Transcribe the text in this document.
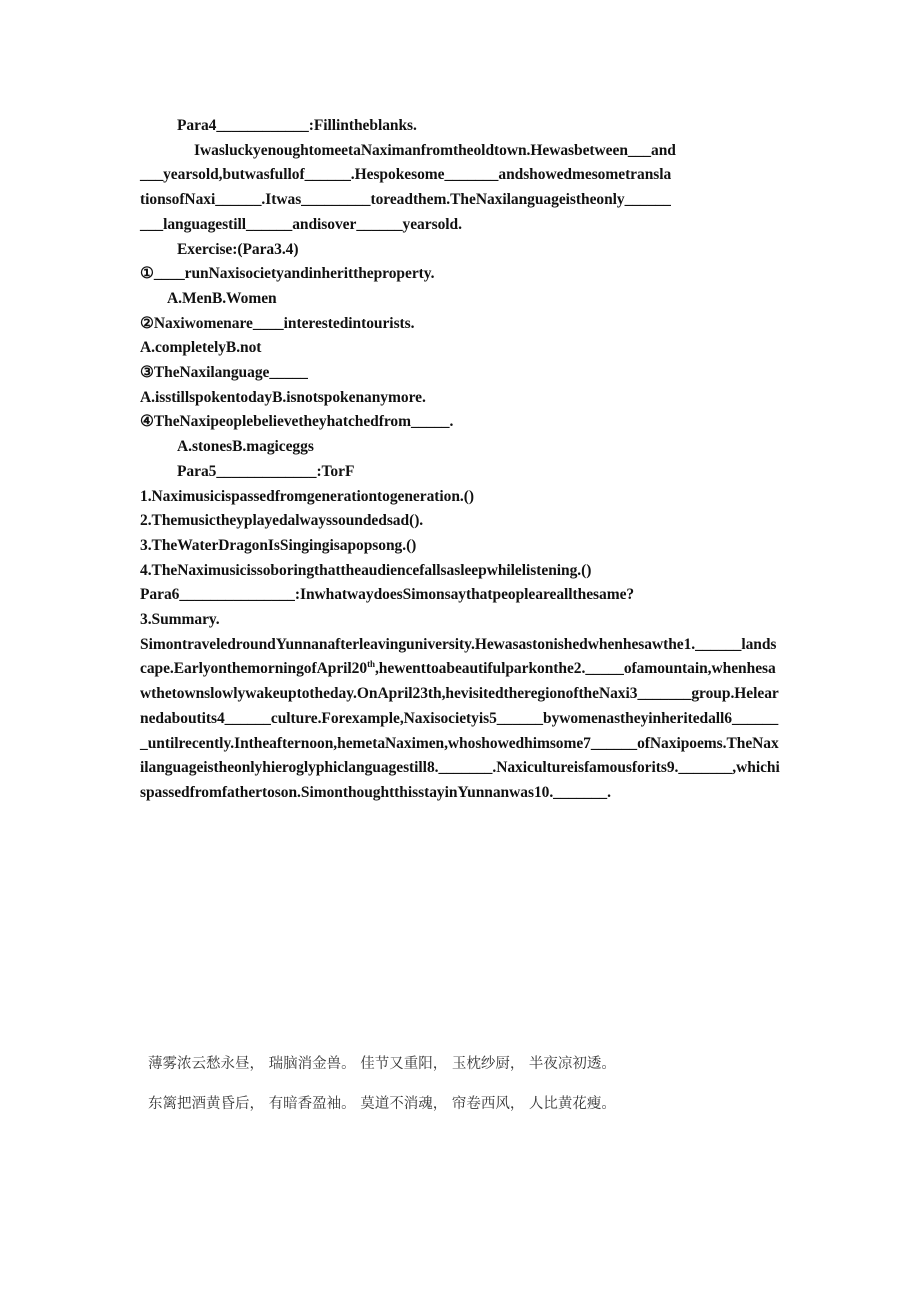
Para4____________:Fillintheblanks.
IwasluckyenoughtomeetaNaximanfromtheoldtown.Hewasbetween___and
___yearsold,butwasfullof______.Hespokesome_______andshowedmesometransla
tionsofNaxi______.Itwas_________toreadthem.TheNaxilanguageistheonly______
___languagestill______andisover______yearsold.
Exercise:(Para3.4)
①____runNaxisocietyandinherittheproperty.
A.MenB.Women
②Naxiwomenare____interestedintourists.
A.completelyB.not
③TheNaxilanguage_____
A.isstillspokentodayB.isnotspokenanymore.
④TheNaxipeoplebelievetheyhatchedfrom_____.
A.stonesB.magiceggs
Para5_____________:TorF
1.Naximusicispassedfromgenerationtogeneration.()
2.Themusictheyplayedalwayssoundedsad().
3.TheWaterDragonIsSingingisapopsong.()
4.TheNaximusicissoboringthattheaudiencefallsasleepwhilelistening.()
Para6_______________:InwhatwaydoesSimonsaythatpeopleareallthesame?
3.Summary.
SimontraveledroundYunnanafterleavinguniversity.Hewasastonishedwhenhesawthe1.______landscape.EarlyonthemorningofApril20th,hewenttoabeautifulparkonthe2._____ofamountain,whenhesawthetownslowlywakeuptotheday.OnApril23th,hevisitedtheregionoftheNaxi3_______group.Helearnedaboutits4______culture.Forexample,Naxisocietyis5______bywomenastheyinheritedall6_______untilrecently.Intheafternoon,hemetaNaximen,whoshowedhimsome7______ofNaxipoems.TheNaxilanguageistheonlyhieroglyphiclanguagestill8._______.Naxicultureisfamousforits9._______,whichispassedfromfathertoson.SimonthoughtthisstayinYunnanwas10._______.
薄雾浓云愁永昼， 瑞脑消金兽。 佳节又重阳， 玉枕纱厨， 半夜凉初透。
东篱把酒黄昏后， 有暗香盈袖。 莫道不消魂， 帘卷西风， 人比黄花瘦。
